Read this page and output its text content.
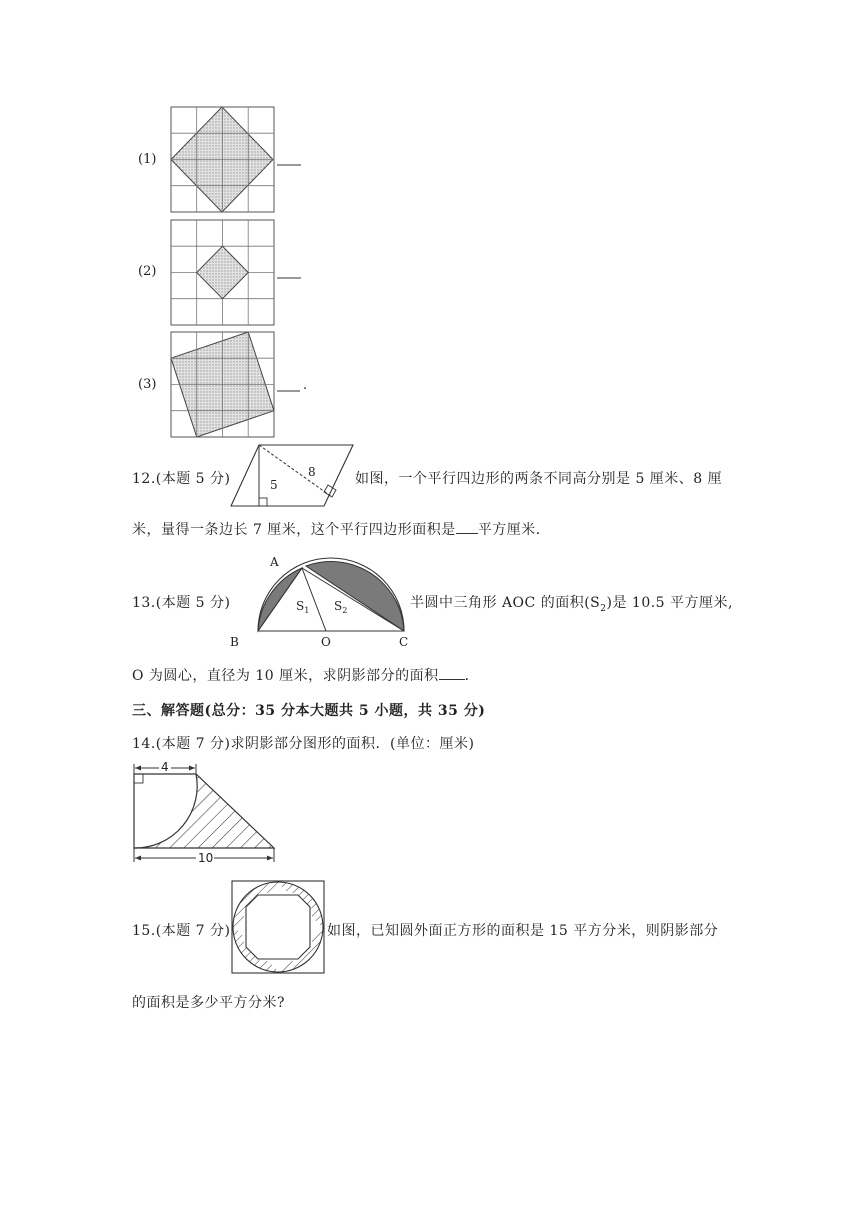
(1)
(2)
(3)	.
12.(本题 5 分)	5
8	如图，一个平行四边形的两条不同高分别是 5 厘米、8 厘
米，量得一条边长 7 厘米，这个平行四边形面积是 平方厘米．
13.(本题 5 分)
A
B	O	C
$S_1$ $S_2$	半圆中三角形 AOC 的面积$(S_2)$是 10.5 平方厘米,
O 为圆心，直径为 10 厘米，求阴影部分的面积 ．
三、解答题(总分：35 分本大题共 5 小题，共 35 分)
14.(本题 7 分)求阴影部分图形的面积．(单位：厘米)
4
10
15.(本题 7 分)	如图，已知圆外面正方形的面积是 15 平方分米，则阴影部分
的面积是多少平方分米?
